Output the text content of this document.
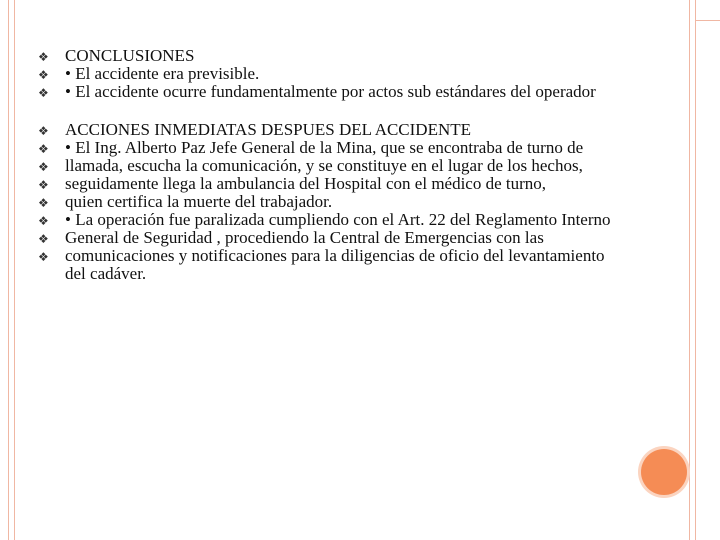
❖ CONCLUSIONES
❖ • El accidente era previsible.
❖ • El accidente ocurre fundamentalmente por actos sub estándares del operador
❖ ACCIONES INMEDIATAS DESPUES DEL ACCIDENTE
❖ • El Ing. Alberto Paz Jefe General de la Mina, que se encontraba de turno de
❖ llamada, escucha la comunicación, y se constituye en el lugar de los hechos,
❖ seguidamente llega la ambulancia del Hospital con el médico de turno,
❖ quien certifica la muerte del trabajador.
❖ • La operación fue paralizada cumpliendo con el Art. 22 del Reglamento Interno
❖ General de Seguridad , procediendo la Central de Emergencias con las
❖ comunicaciones y notificaciones para la diligencias de oficio del levantamiento del cadáver.
